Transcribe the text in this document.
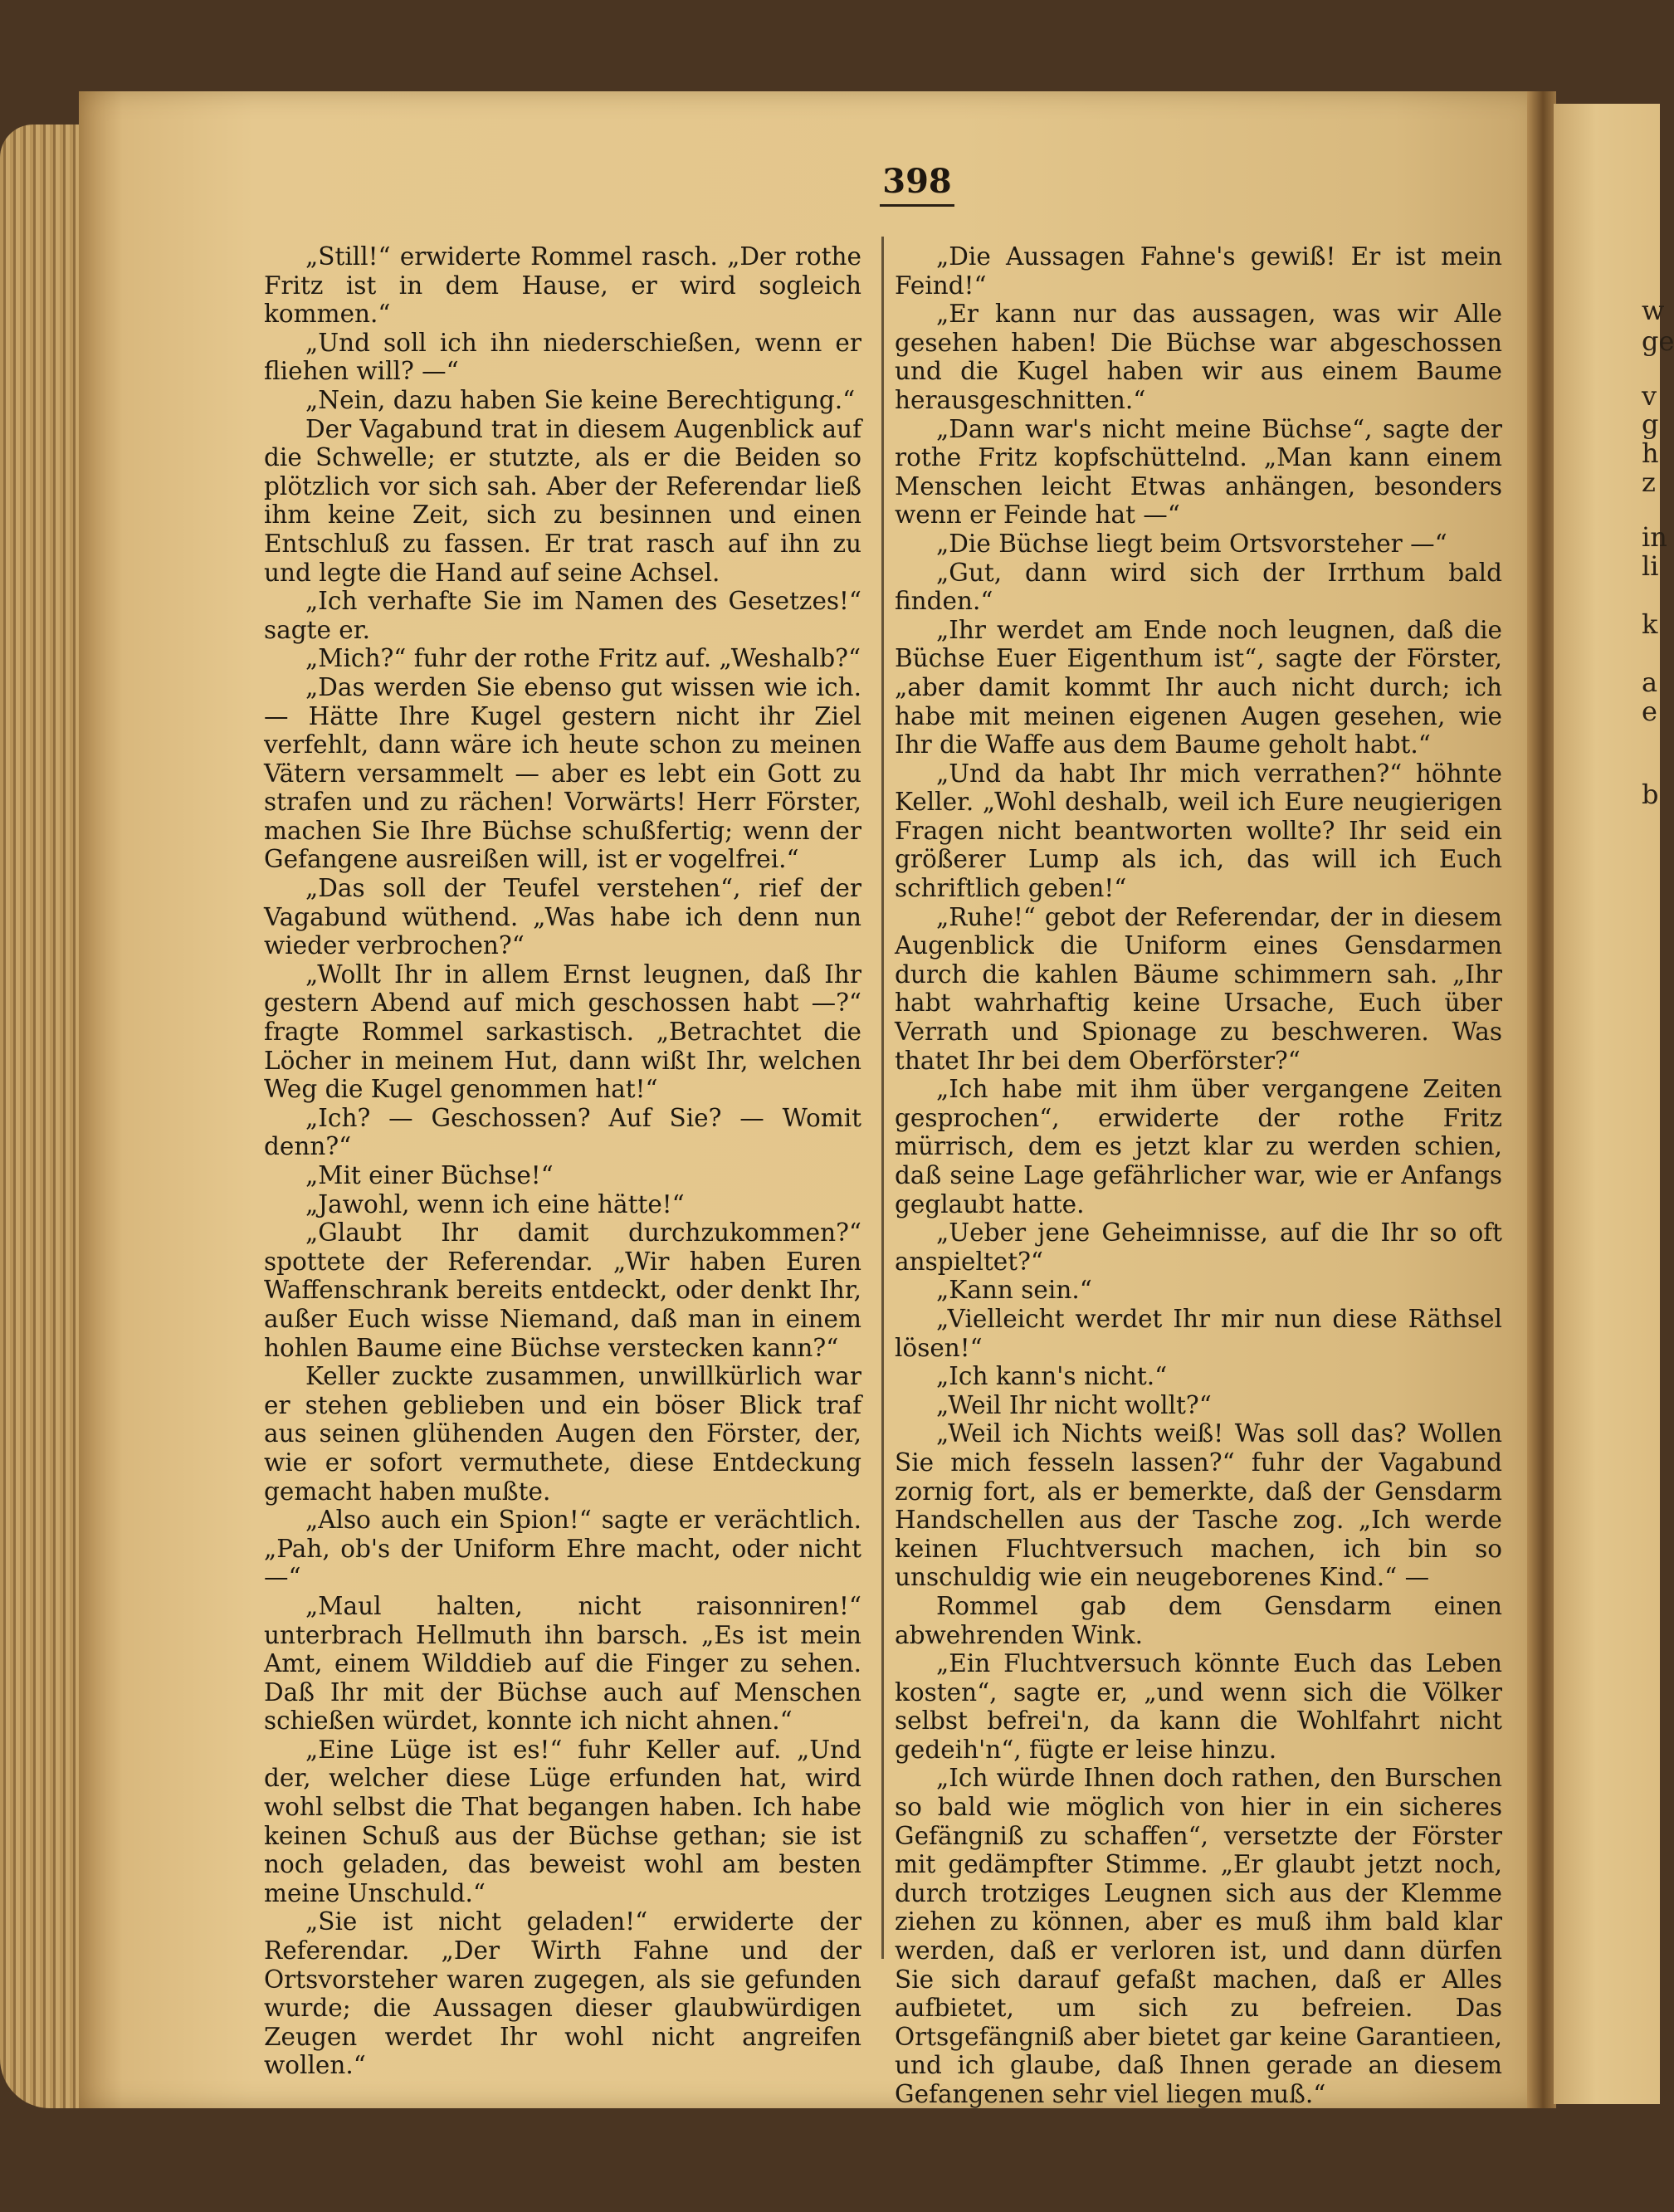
w
ge
v
g
h
z
in
li
k
a
e
b
398

„Still!“ erwiderte Rommel rasch. „Der rothe Fritz ist in dem Hause, er wird sogleich kommen.“

„Und soll ich ihn niederschießen, wenn er fliehen will? —“

„Nein, dazu haben Sie keine Berechtigung.“

Der Vagabund trat in diesem Augenblick auf die Schwelle; er stutzte, als er die Beiden so plötzlich vor sich sah. Aber der Referendar ließ ihm keine Zeit, sich zu besinnen und einen Entschluß zu fassen. Er trat rasch auf ihn zu und legte die Hand auf seine Achsel.

„Ich verhafte Sie im Namen des Gesetzes!“ sagte er.

„Mich?“ fuhr der rothe Fritz auf. „Weshalb?“

„Das werden Sie ebenso gut wissen wie ich. — Hätte Ihre Kugel gestern nicht ihr Ziel verfehlt, dann wäre ich heute schon zu meinen Vätern versammelt — aber es lebt ein Gott zu strafen und zu rächen! Vorwärts! Herr Förster, machen Sie Ihre Büchse schußfertig; wenn der Gefangene ausreißen will, ist er vogelfrei.“

„Das soll der Teufel verstehen“, rief der Vagabund wüthend. „Was habe ich denn nun wieder verbrochen?“

„Wollt Ihr in allem Ernst leugnen, daß Ihr gestern Abend auf mich geschossen habt —?“ fragte Rommel sarkastisch. „Betrachtet die Löcher in meinem Hut, dann wißt Ihr, welchen Weg die Kugel genommen hat!“

„Ich? — Geschossen? Auf Sie? — Womit denn?“

„Mit einer Büchse!“

„Jawohl, wenn ich eine hätte!“

„Glaubt Ihr damit durchzukommen?“ spottete der Referendar. „Wir haben Euren Waffenschrank bereits entdeckt, oder denkt Ihr, außer Euch wisse Niemand, daß man in einem hohlen Baume eine Büchse verstecken kann?“

Keller zuckte zusammen, unwillkürlich war er stehen geblieben und ein böser Blick traf aus seinen glühenden Augen den Förster, der, wie er sofort vermuthete, diese Entdeckung gemacht haben mußte.

„Also auch ein Spion!“ sagte er verächtlich. „Pah, ob's der Uniform Ehre macht, oder nicht —“

„Maul halten, nicht raisonniren!“ unterbrach Hellmuth ihn barsch. „Es ist mein Amt, einem Wilddieb auf die Finger zu sehen. Daß Ihr mit der Büchse auch auf Menschen schießen würdet, konnte ich nicht ahnen.“

„Eine Lüge ist es!“ fuhr Keller auf. „Und der, welcher diese Lüge erfunden hat, wird wohl selbst die That begangen haben. Ich habe keinen Schuß aus der Büchse gethan; sie ist noch geladen, das beweist wohl am besten meine Unschuld.“

„Sie ist nicht geladen!“ erwiderte der Referendar. „Der Wirth Fahne und der Ortsvorsteher waren zugegen, als sie gefunden wurde; die Aussagen dieser glaubwürdigen Zeugen werdet Ihr wohl nicht angreifen wollen.“

„Die Aussagen Fahne's gewiß! Er ist mein Feind!“

„Er kann nur das aussagen, was wir Alle gesehen haben! Die Büchse war abgeschossen und die Kugel haben wir aus einem Baume herausgeschnitten.“

„Dann war's nicht meine Büchse“, sagte der rothe Fritz kopfschüttelnd. „Man kann einem Menschen leicht Etwas anhängen, besonders wenn er Feinde hat —“

„Die Büchse liegt beim Ortsvorsteher —“

„Gut, dann wird sich der Irrthum bald finden.“

„Ihr werdet am Ende noch leugnen, daß die Büchse Euer Eigenthum ist“, sagte der Förster, „aber damit kommt Ihr auch nicht durch; ich habe mit meinen eigenen Augen gesehen, wie Ihr die Waffe aus dem Baume geholt habt.“

„Und da habt Ihr mich verrathen?“ höhnte Keller. „Wohl deshalb, weil ich Eure neugierigen Fragen nicht beantworten wollte? Ihr seid ein größerer Lump als ich, das will ich Euch schriftlich geben!“

„Ruhe!“ gebot der Referendar, der in diesem Augenblick die Uniform eines Gensdarmen durch die kahlen Bäume schimmern sah. „Ihr habt wahrhaftig keine Ursache, Euch über Verrath und Spionage zu beschweren. Was thatet Ihr bei dem Oberförster?“

„Ich habe mit ihm über vergangene Zeiten gesprochen“, erwiderte der rothe Fritz mürrisch, dem es jetzt klar zu werden schien, daß seine Lage gefährlicher war, wie er Anfangs geglaubt hatte.

„Ueber jene Geheimnisse, auf die Ihr so oft anspieltet?“

„Kann sein.“

„Vielleicht werdet Ihr mir nun diese Räthsel lösen!“

„Ich kann's nicht.“

„Weil Ihr nicht wollt?“

„Weil ich Nichts weiß! Was soll das? Wollen Sie mich fesseln lassen?“ fuhr der Vagabund zornig fort, als er bemerkte, daß der Gensdarm Handschellen aus der Tasche zog. „Ich werde keinen Fluchtversuch machen, ich bin so unschuldig wie ein neugeborenes Kind.“ —

Rommel gab dem Gensdarm einen abwehrenden Wink.

„Ein Fluchtversuch könnte Euch das Leben kosten“, sagte er, „und wenn sich die Völker selbst befrei'n, da kann die Wohlfahrt nicht gedeih'n“, fügte er leise hinzu.

„Ich würde Ihnen doch rathen, den Burschen so bald wie möglich von hier in ein sicheres Gefängniß zu schaffen“, versetzte der Förster mit gedämpfter Stimme. „Er glaubt jetzt noch, durch trotziges Leugnen sich aus der Klemme ziehen zu können, aber es muß ihm bald klar werden, daß er verloren ist, und dann dürfen Sie sich darauf gefaßt machen, daß er Alles aufbietet, um sich zu befreien. Das Ortsgefängniß aber bietet gar keine Garantieen, und ich glaube, daß Ihnen gerade an diesem Gefangenen sehr viel liegen muß.“
